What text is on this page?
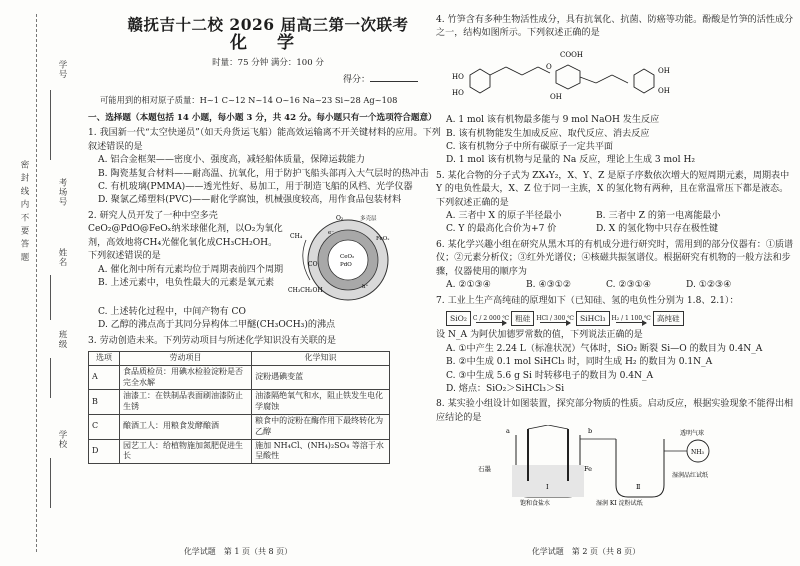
密 封 线 内 不 要 答 题
学号
考场号
姓名
班级
学校
赣抚吉十二校 2026 届高三第一次联考
化 学
时量：75 分钟 满分：100 分
得分：
可能用到的相对原子质量：H~1 C~12 N~14 O~16 Na~23 Si~28 Ag~108
一、选择题（本题包括 14 小题，每小题 3 分，共 42 分。每小题只有一个选项符合题意）
1. 我国新一代“太空快递员”（如天舟货运飞船）能高效运输离不开关键材料的应用。下列叙述错误的是
A. 铝合金框架——密度小、强度高，减轻船体质量，保障运载能力
B. 陶瓷基复合材料——耐高温、抗氧化，用于防护飞船头部再入大气层时的热冲击
C. 有机玻璃(PMMA)——透光性好、易加工，用于制造飞船的风档、光学仪器
D. 聚氯乙烯塑料(PVC)——耐化学腐蚀，机械强度较高，用作食品包装材料
2. 研究人员开发了一种中空多壳CeO₂@PdO@FeOₓ纳米球催化剂，以O₂为氧化剂，高效地将CH₄光催化氧化成CH₃CH₂OH。下列叙述错误的是
A. 催化剂中所有元素均位于周期表前四个周期
B. 上述元素中，电负性最大的元素是氧元素
O₂
CH₄
CH₃CH₂OH
CO
CeO₂
PdO
FeOₓ
e⁻
h⁺
多壳层
C. 上述转化过程中，中间产物有 CO
D. 乙醇的沸点高于其同分异构体二甲醚(CH₃OCH₃)的沸点
3. 劳动创造未来。下列劳动项目与所述化学知识没有关联的是
选项	劳动项目	化学知识
A	食品质检员：用碘水检验淀粉是否完全水解	淀粉遇碘变蓝
B	油漆工：在铁制品表面刷油漆防止生锈	油漆隔绝氧气和水，阻止铁发生电化学腐蚀
C	酿酒工人：用粮食发酵酿酒	粮食中的淀粉在酶作用下最终转化为乙醇
D	园艺工人：给植物施加氮肥促进生长	施加 NH₄Cl、(NH₄)₂SO₄ 等溶于水呈酸性
化学试题　第 1 页（共 8 页）
4. 竹笋含有多种生物活性成分，具有抗氧化、抗菌、防癌等功能。酚酸是竹笋的活性成分之一，结构如图所示。下列叙述正确的是
HO
HO
COOH
OH
O	OH
OH
A. 1 mol 该有机物最多能与 9 mol NaOH 发生反应
B. 该有机物能发生加成反应、取代反应、消去反应
C. 该有机物分子中所有碳原子一定共平面
D. 1 mol 该有机物与足量的 Na 反应，理论上生成 3 mol H₂
5. 某化合物的分子式为 ZX₄Y₂，X、Y、Z 是原子序数依次增大的短周期元素，周期表中 Y 的电负性最大，X、Z 位于同一主族，X 的氢化物有两种，且在常温常压下都是液态。下列叙述正确的是
A. 三者中 X 的原子半径最小	B. 三者中 Z 的第一电离能最小
C. Y 的最高化合价为+7 价	D. X 的氢化物中只存在极性键
6. 某化学兴趣小组在研究从黑木耳的有机成分进行研究时，需用到的部分仪器有：①质谱仪；②元素分析仪；③红外光谱仪；④核磁共振氢谱仪。根据研究有机物的一般方法和步骤，仪器使用的顺序为
A. ②①③④	B. ④③①②	C. ②③①④	D. ①②③④
7. 工业上生产高纯硅的原理如下（已知硅、氢的电负性分别为 1.8、2.1）：
SiO₂	C / 2 000 ℃ 粗硅	HCl / 300 ℃ SiHCl₃	H₂ / 1 100 ℃ 高纯硅
设 N_A 为阿伏加德罗常数的值，下列说法正确的是
A. ①中产生 2.24 L（标准状况）气体时，SiO₂ 断裂 Si—O 的数目为 0.4N_A
B. ②中生成 0.1 mol SiHCl₃ 时，同时生成 H₂ 的数目为 0.1N_A
C. ③中生成 5.6 g Si 时转移电子的数目为 0.4N_A
D. 熔点：SiO₂＞SiHCl₃＞Si
8. 某实验小组设计如图装置，探究部分物质的性质。启动反应，根据实验现象不能得出相应结论的是
a	b
石墨	Fe
饱和食盐水	湿润 KI 淀粉试纸
湿润品红试纸
透明气球
NH₃
Ⅰ	Ⅱ
化学试题　第 2 页（共 8 页）
